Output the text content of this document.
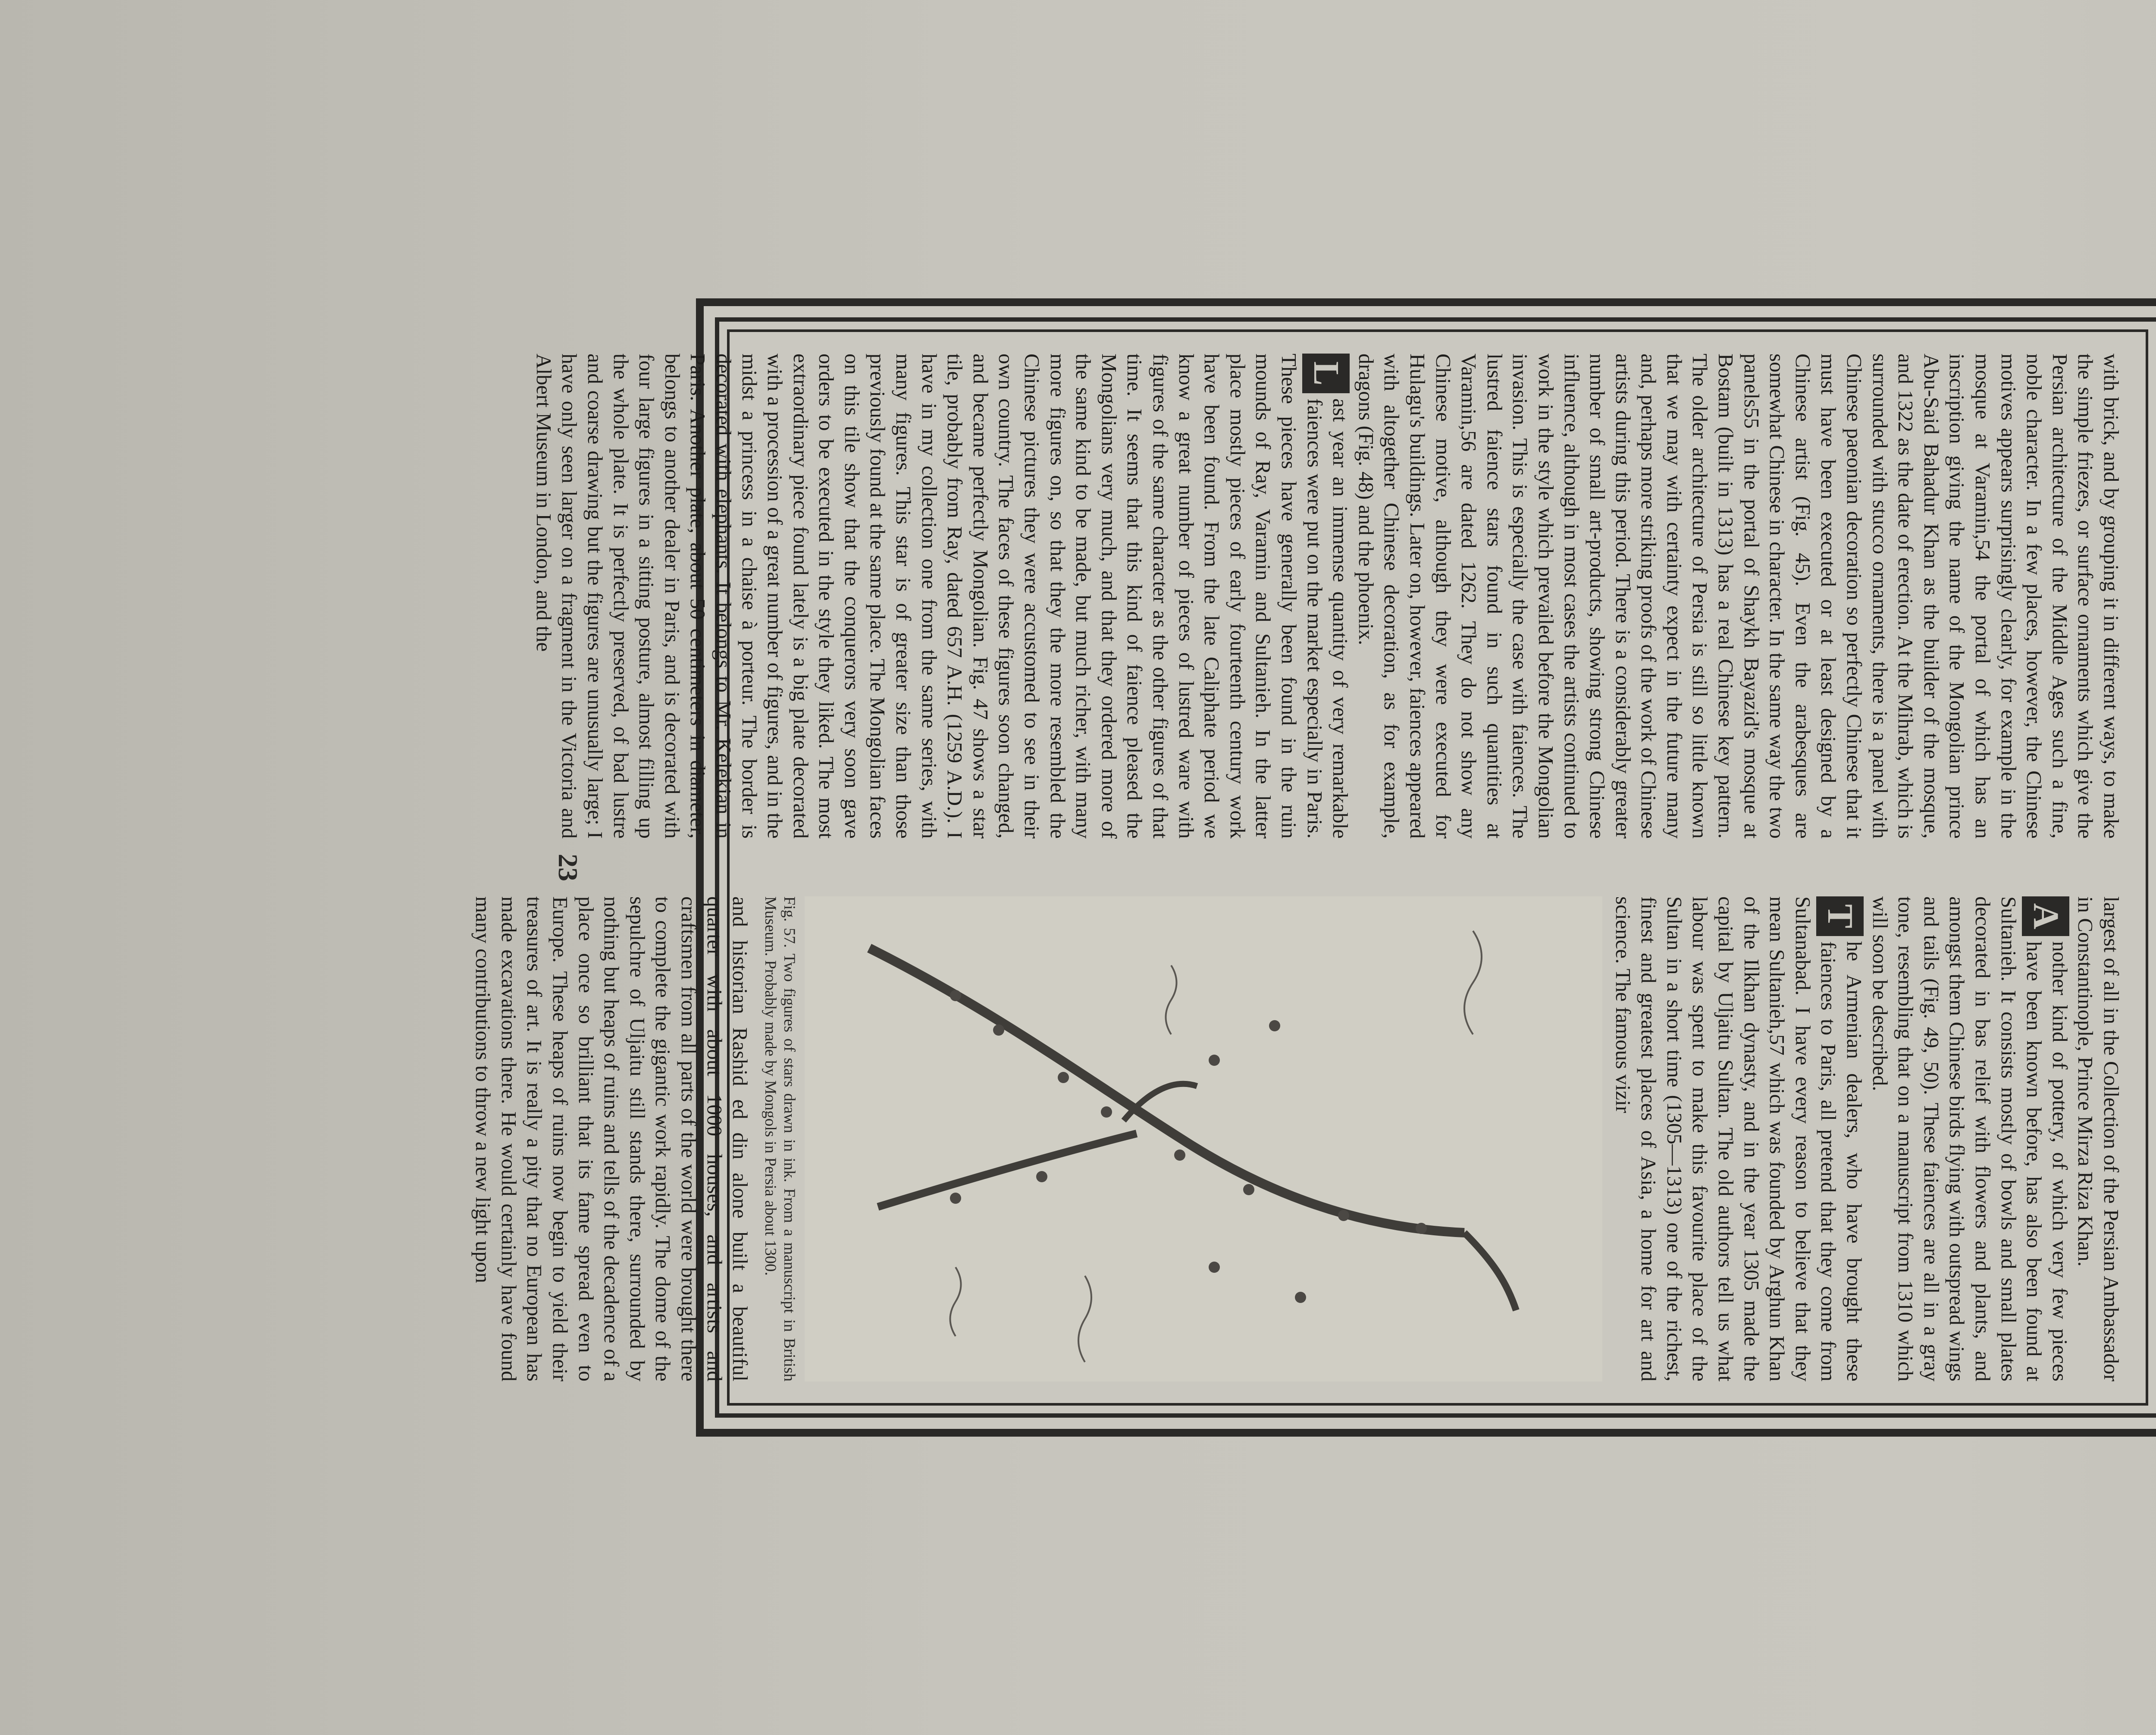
with brick, and by grouping it in different ways, to make the simple friezes, or surface ornaments which give the Persian architecture of the Middle Ages such a fine, noble character. In a few places, however, the Chinese motives appears surprisingly clearly, for example in the mosque at Varamin,54 the portal of which has an inscription giving the name of the Mongolian prince Abu-Said Bahadur Khan as the builder of the mosque, and 1322 as the date of erection. At the Mihrab, which is surrounded with stucco ornaments, there is a panel with Chinese paeonian decoration so perfectly Chinese that it must have been executed or at least designed by a Chinese artist (Fig. 45). Even the arabesques are somewhat Chinese in character. In the same way the two panels55 in the portal of Shaykh Bayazid's mosque at Bostam (built in 1313) has a real Chinese key pattern. The older architecture of Persia is still so little known that we may with certainty expect in the future many and, perhaps more striking proofs of the work of Chinese artists during this period. There is a considerably greater number of small art-products, showing strong Chinese influence, although in most cases the artists continued to work in the style which prevailed before the Mongolian invasion. This is especially the case with faiences. The lustred faience stars found in such quantities at Varamin,56 are dated 1262. They do not show any Chinese motive, although they were executed for Hulagu's buildings. Later on, however, faiences appeared with altogether Chinese decoration, as for example, dragons (Fig. 48) and the phoenix.

L
ast year an immense quantity of very remarkable faiences were put on the market especially in Paris. These pieces have generally been found in the ruin mounds of Ray, Varamin and Sultanieh. In the latter place mostly pieces of early fourteenth century work have been found. From the late Caliphate period we know a great number of pieces of lustred ware with figures of the same character as the other figures of that time. It seems that this kind of faience pleased the Mongolians very much, and that they ordered more of the same kind to be made, but much richer, with many more figures on, so that they the more resembled the Chinese pictures they were accustomed to see in their own country. The faces of these figures soon changed, and became perfectly Mongolian. Fig. 47 shows a star tile, probably from Ray, dated 657 A.H. (1259 A.D.). I have in my collection one from the same series, with many figures. This star is of greater size than those previously found at the same place. The Mongolian faces on this tile show that the conquerors very soon gave orders to be executed in the style they liked. The most extraordinary piece found lately is a big plate decorated with a procession of a great number of figures, and in the midst a princess in a chaise à porteur. The border is decorated with elephants. It belongs to Mr. Kelekian in Paris. Another plate, about 50 centimeters in diameter, belongs to another dealer in Paris, and is decorated with four large figures in a sitting posture, almost filling up the whole plate. It is perfectly preserved, of bad lustre and coarse drawing but the figures are unusually large; I have only seen larger on a fragment in the Victoria and Albert Museum in London, and the

largest of all in the Collection of the Persian Ambassador in Constantinople, Prince Mirza Riza Khan.

A
nother kind of pottery, of which very few pieces have been known before, has also been found at Sultanieh. It consists mostly of bowls and small plates decorated in bas relief with flowers and plants, and amongst them Chinese birds flying with outspread wings and tails (Fig. 49, 50). These faiences are all in a gray tone, resembling that on a manuscript from 1310 which will soon be described.

T
he Armenian dealers, who have brought these faiences to Paris, all pretend that they come from Sultanabad. I have every reason to believe that they mean Sultanieh,57 which was founded by Arghun Khan of the Ilkhan dynasty, and in the year 1305 made the capital by Uljaitu Sultan. The old authors tell us what labour was spent to make this favourite place of the Sultan in a short time (1305—1313) one of the richest, finest and greatest places of Asia, a home for art and science. The famous vizir

Fig. 57. Two figures of stars drawn in ink. From a manuscript in British Museum. Probably made by Mongols in Persia about 1300.

and historian Rashid ed din alone built a beautiful quarter with about 1000 houses, and artists and craftsmen from all parts of the world were brought there to complete the gigantic work rapidly. The dome of the sepulchre of Uljaitu still stands there, surrounded by nothing but heaps of ruins and tells of the decadence of a place once so brilliant that its fame spread even to Europe. These heaps of ruins now begin to yield their treasures of art. It is really a pity that no European has made excavations there. He would certainly have found many contributions to throw a new light upon

23
